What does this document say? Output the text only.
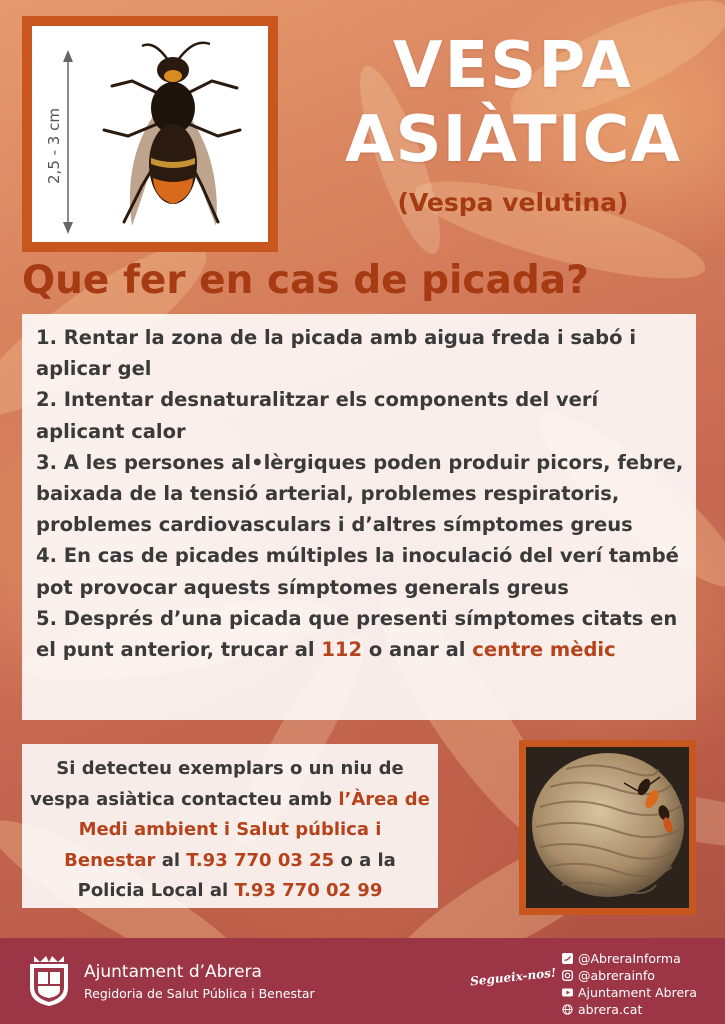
2,5 - 3 cm
VESPA
ASIÀTICA
(Vespa velutina)
Que fer en cas de picada?

1. Rentar la zona de la picada amb aigua freda i sabó i aplicar gel

2. Intentar desnaturalitzar els components del verí aplicant calor

3. A les persones al•lèrgiques poden produir picors, febre, baixada de la tensió arterial, problemes respiratoris, problemes cardiovasculars i d’altres símptomes greus

4. En cas de picades múltiples la inoculació del verí també pot provocar aquests símptomes generals greus

5. Després d’una picada que presenti símptomes citats en el punt anterior, trucar al 112 o anar al centre mèdic

Si detecteu exemplars o un niu de vespa asiàtica contacteu amb l’Àrea de Medi ambient i Salut pública i Benestar al T.93 770 03 25 o a la Policia Local al T.93 770 02 99
Ajuntament d’Abrera
Regidoria de Salut Pública i Benestar
Segueix-nos!
@AbreraInforma
@abrerainfo
Ajuntament Abrera
abrera.cat
